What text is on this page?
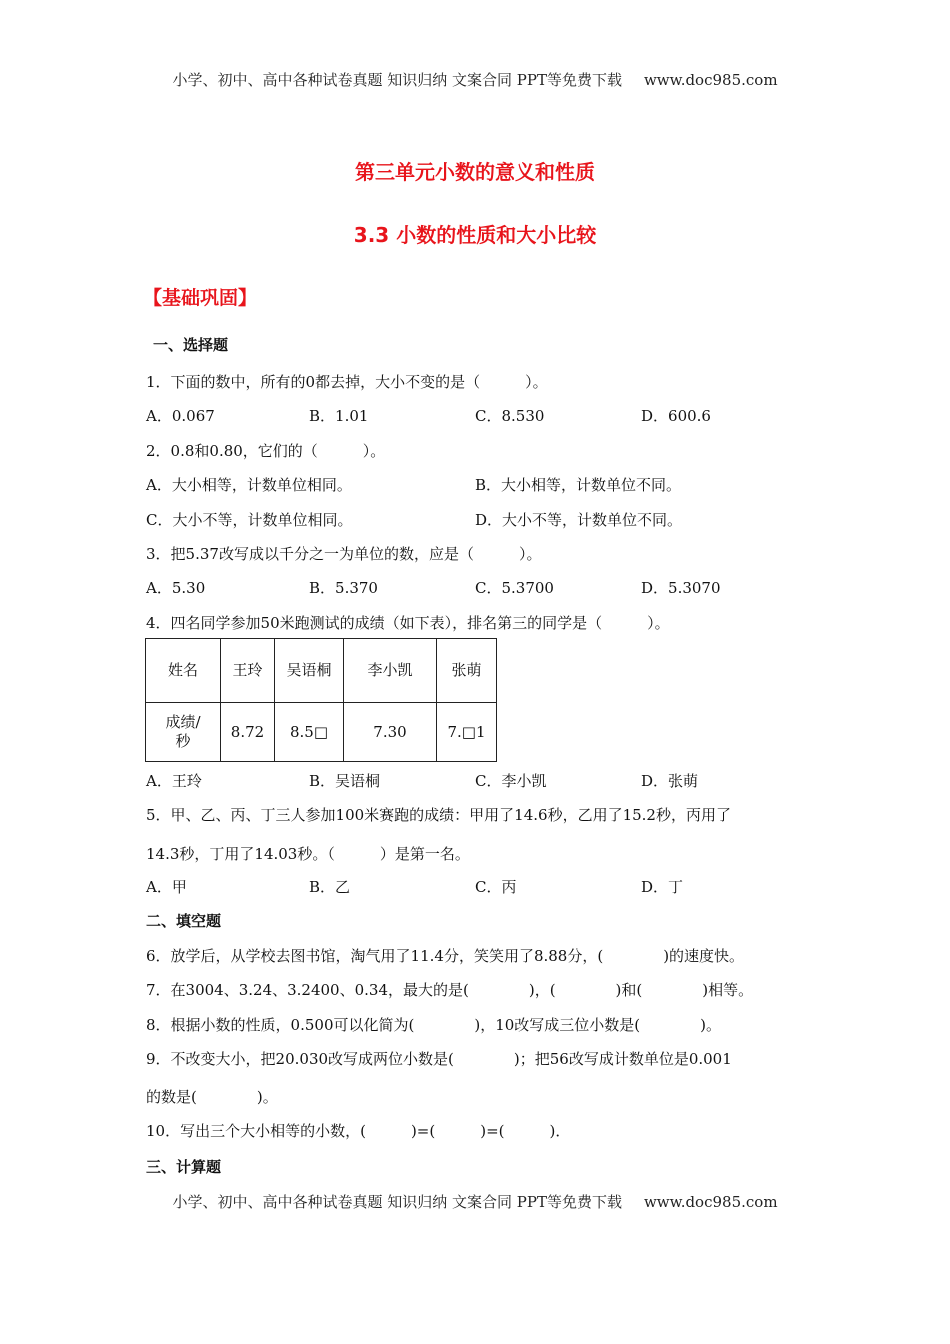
小学、初中、高中各种试卷真题 知识归纳 文案合同 PPT等免费下载 www.doc985.com
第三单元小数的意义和性质
3.3 小数的性质和大小比较
【基础巩固】
一、选择题
1．下面的数中，所有的0都去掉，大小不变的是（　　　）。
A．0.067	B．1.01	C．8.530	D．600.6
2．0.8和0.80，它们的（　　　）。
A．大小相等，计数单位相同。	B．大小相等，计数单位不同。
C．大小不等，计数单位相同。	D．大小不等，计数单位不同。
3．把5.37改写成以千分之一为单位的数，应是（　　　）。
A．5.30	B．5.370	C．5.3700	D．5.3070
4．四名同学参加50米跑测试的成绩（如下表），排名第三的同学是（　　　）。
姓名	王玲	吴语桐	李小凯	张萌
成绩/秒	8.72	8.5□	7.30	7.□1
A．王玲	B．吴语桐	C．李小凯	D．张萌
5．甲、乙、丙、丁三人参加100米赛跑的成绩：甲用了14.6秒，乙用了15.2秒，丙用了
14.3秒，丁用了14.03秒。（　　　）是第一名。
A．甲	B．乙	C．丙	D．丁
二、填空题
6．放学后，从学校去图书馆，淘气用了11.4分，笑笑用了8.88分，(　　　　)的速度快。
7．在3004、3.24、3.2400、0.34，最大的是(　　　　)，(　　　　)和(　　　　)相等。
8．根据小数的性质，0.500可以化简为(　　　　)，10改写成三位小数是(　　　　)。
9．不改变大小，把20.030改写成两位小数是(　　　　)；把56改写成计数单位是0.001
的数是(　　　　)。
10．写出三个大小相等的小数，(　　　)=(　　　)=(　　　)．
三、计算题
小学、初中、高中各种试卷真题 知识归纳 文案合同 PPT等免费下载 www.doc985.com
